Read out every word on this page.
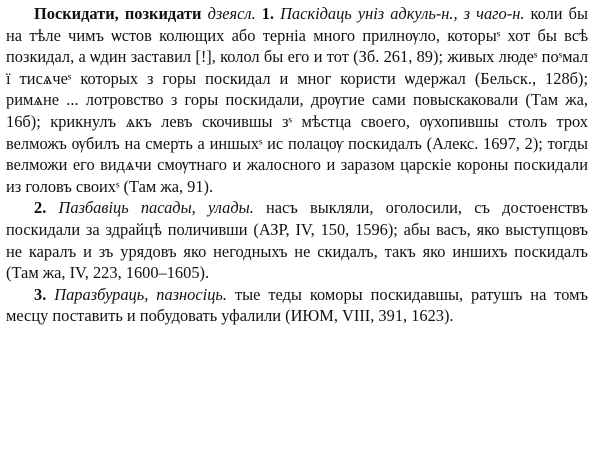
Поскидати, позкидати дзеясл. 1. Паскідаць уніз адкуль-н., з чаго-н. коли бы на тѣле чимъ ѡстов колющих або терніа много прилнѹло, которыˢ хот бы всѣ позкидал, а ѡдин заставил [!], колол бы его и тот (Зб. 261, 89); живых людеˢ поˢмал ї тисѧчеˢ которых з горы поскидал и мног користи ѡдержал (Бельск., 128б); римѧне ... лотровство з горы поскидали, дрѹгие сами повыскаковали (Там жа, 16б); крикнулъ ѧкъ левъ скочившы зˢ мѣстца своего, ѹхопившы столъ трох велможъ ѹбилъ на смерть а иншыхˢ ис полацѹ поскидалъ (Алекс. 1697, 2); тогды велможи его видѧчи смѹтнаго и жалосного и заразом царскіе короны поскидали из головъ своихˢ (Там жа, 91).

2. Пазбавіць пасады, улады. насъ выкляли, оголосили, съ достоенствъ поскидали за здрайцѣ поличивши (АЗР, IV, 150, 1596); абы васъ, яко выступцовъ не каралъ и зъ урядовъ яко негодныхъ не скидалъ, такъ яко иншихъ поскидалъ (Там жа, IV, 223, 1600–1605).

3. Паразбураць, пазносіць. тые теды коморы поскидавшы, ратушъ на томъ месцу поставить и побудовать уфалили (ИЮМ, VIII, 391, 1623).
